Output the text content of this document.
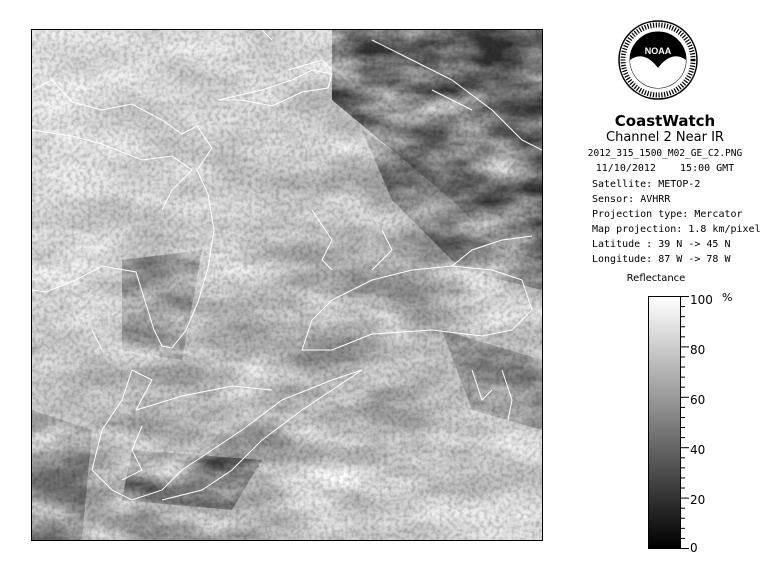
NOAA
CoastWatch
Channel 2 Near IR
2012_315_1500_M02_GE_C2.PNG
11/10/2012    15:00 GMT
Satellite: METOP-2
Sensor: AVHRR
Projection type: Mercator
Map projection: 1.8 km/pixel
Latitude : 39 N -> 45 N
Longitude: 87 W -> 78 W
Reflectance
100
80
60
40
20
0
%
